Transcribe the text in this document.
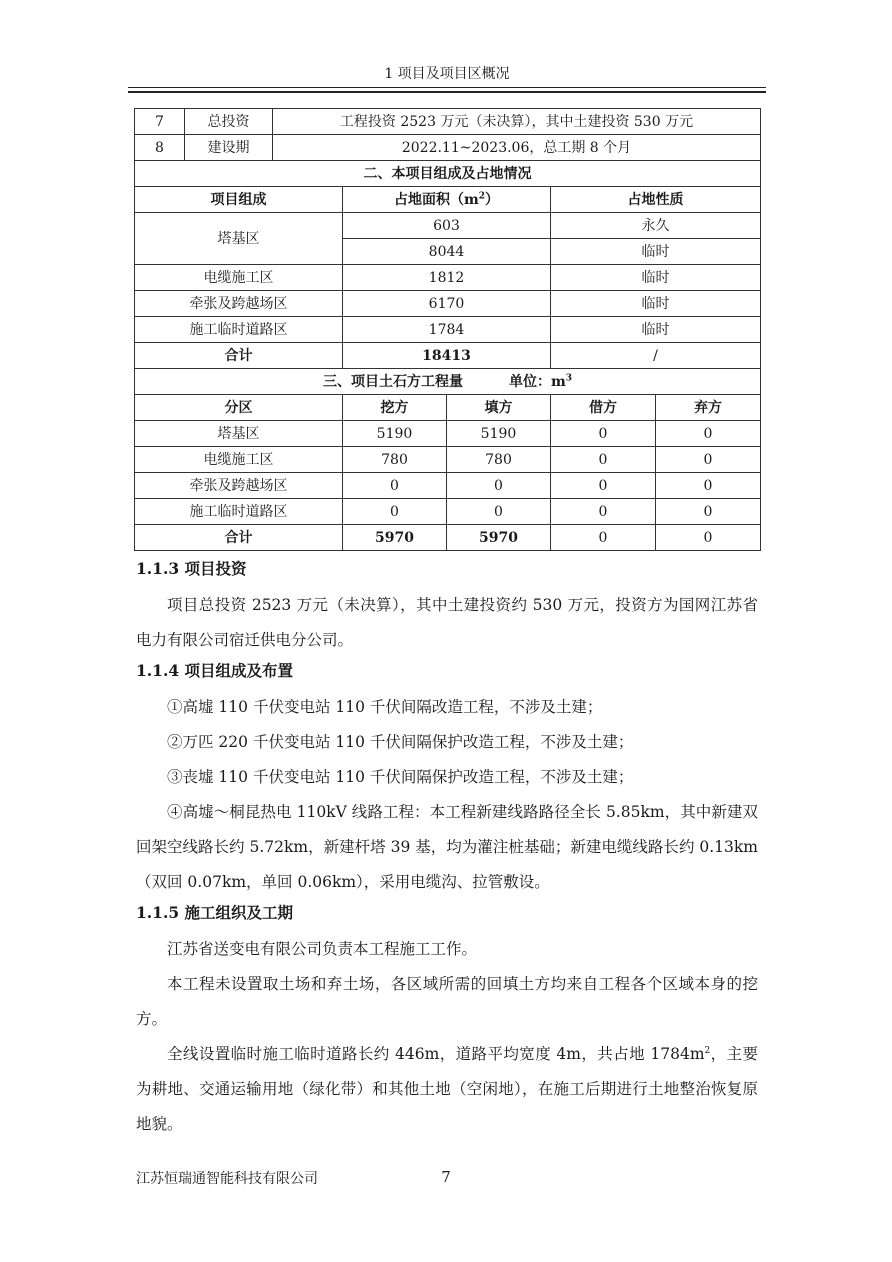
1 项目及项目区概况
7	总投资	工程投资 2523 万元（未决算），其中土建投资 530 万元				
8	建设期	2022.11~2023.06，总工期 8 个月				
二、本项目组成及占地情况						
项目组成			占地面积$(m^2)$		占地性质	
塔基区			603		永久	
			8044		临时	
电缆施工区			1812		临时	
牵张及跨越场区			6170		临时	
施工临时道路区			1784		临时	
合计			18413		/	
三、项目土石方工程量 单位：$m^3$
分区			挖方	填方	借方	弃方
塔基区			5190	5190	0	0
电缆施工区			780	780	0	0
牵张及跨越场区			0	0	0	0
施工临时道路区			0	0	0	0
合计			5970	5970	0	0

1.1.3 项目投资

项目总投资 2523 万元（未决算），其中土建投资约 530 万元，投资方为国网江苏省电力有限公司宿迁供电分公司。

1.1.4 项目组成及布置

①高墟 110 千伏变电站 110 千伏间隔改造工程，不涉及土建；

②万匹 220 千伏变电站 110 千伏间隔保护改造工程，不涉及土建；

③丧墟 110 千伏变电站 110 千伏间隔保护改造工程，不涉及土建；

④高墟～桐昆热电 110kV 线路工程：本工程新建线路路径全长 5.85km，其中新建双回架空线路长约 5.72km，新建杆塔 39 基，均为灌注桩基础；新建电缆线路长约 0.13km（双回 0.07km，单回 0.06km），采用电缆沟、拉管敷设。

1.1.5 施工组织及工期

江苏省送变电有限公司负责本工程施工工作。

本工程未设置取土场和弃土场，各区域所需的回填土方均来自工程各个区域本身的挖方。

全线设置临时施工临时道路长约 446m，道路平均宽度 4m，共占地 $1784m^2$，主要为耕地、交通运输用地（绿化带）和其他土地（空闲地），在施工后期进行土地整治恢复原地貌。

江苏恒瑞通智能科技有限公司	7
